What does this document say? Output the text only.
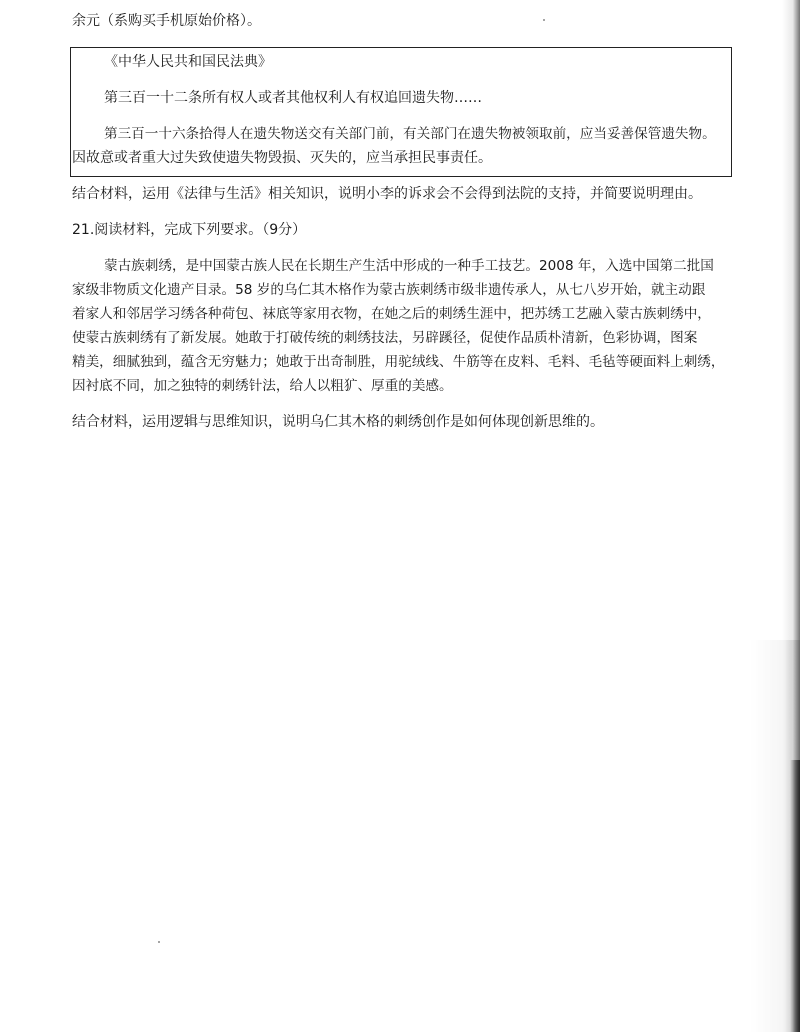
余元（系购买手机原始价格）。
《中华人民共和国民法典》
第三百一十二条所有权人或者其他权利人有权追回遗失物……
第三百一十六条拾得人在遗失物送交有关部门前，有关部门在遗失物被领取前，应当妥善保管遗失物。
因故意或者重大过失致使遗失物毁损、灭失的，应当承担民事责任。
结合材料，运用《法律与生活》相关知识，说明小李的诉求会不会得到法院的支持，并简要说明理由。
21.阅读材料，完成下列要求。（9分）
蒙古族刺绣，是中国蒙古族人民在长期生产生活中形成的一种手工技艺。2008 年，入选中国第二批国
家级非物质文化遗产目录。58 岁的乌仁其木格作为蒙古族刺绣市级非遗传承人，从七八岁开始，就主动跟
着家人和邻居学习绣各种荷包、袜底等家用衣物，在她之后的刺绣生涯中，把苏绣工艺融入蒙古族刺绣中，
使蒙古族刺绣有了新发展。她敢于打破传统的刺绣技法，另辟蹊径，促使作品质朴清新，色彩协调，图案
精美，细腻独到，蕴含无穷魅力；她敢于出奇制胜，用驼绒线、牛筋等在皮料、毛料、毛毡等硬面料上刺绣，
因衬底不同，加之独特的刺绣针法，给人以粗犷、厚重的美感。
结合材料，运用逻辑与思维知识，说明乌仁其木格的刺绣创作是如何体现创新思维的。
